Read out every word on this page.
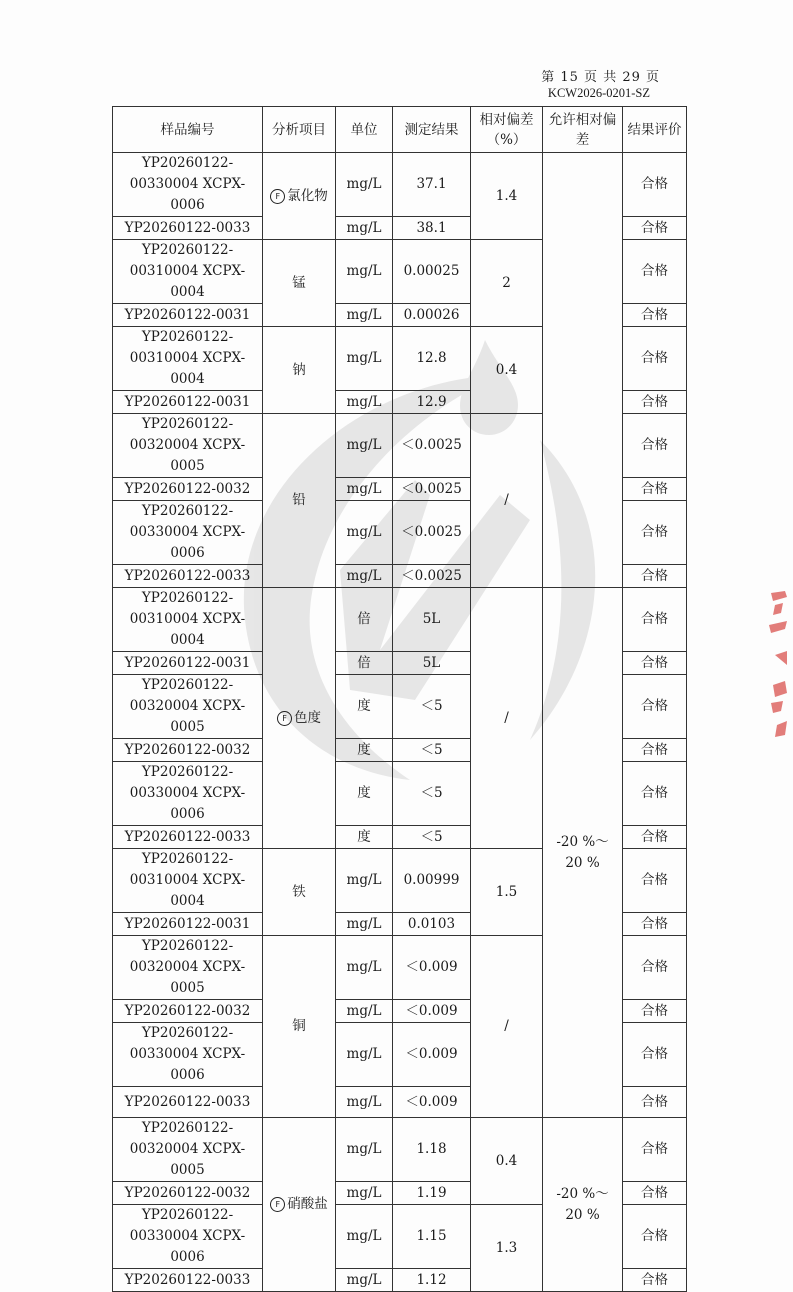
第 15 页 共 29 页
KCW2026-0201-SZ
样品编号	分析项目	单位	测定结果	相对偏差（%）	允许相对偏差	结果评价
YP20260122-00330004 XCPX-0006	F 氯化物	mg/L	37.1	1.4		合格
YP20260122-0033		mg/L	38.1			合格
YP20260122-00310004 XCPX-0004	锰	mg/L	0.00025	2		合格
YP20260122-0031		mg/L	0.00026			合格
YP20260122-00310004 XCPX-0004	钠	mg/L	12.8	0.4		合格
YP20260122-0031		mg/L	12.9			合格
YP20260122-00320004 XCPX-0005	铅	mg/L	＜0.0025	/		合格
YP20260122-0032		mg/L	＜0.0025			合格
YP20260122-00330004 XCPX-0006		mg/L	＜0.0025			合格
YP20260122-0033		mg/L	＜0.0025			合格
YP20260122-00310004 XCPX-0004	F 色度	倍	5L	/	-20 %～ 20 %	合格
YP20260122-0031		倍	5L			合格
YP20260122-00320004 XCPX-0005		度	＜5			合格
YP20260122-0032		度	＜5			合格
YP20260122-00330004 XCPX-0006		度	＜5			合格
YP20260122-0033		度	＜5			合格
YP20260122-00310004 XCPX-0004	铁	mg/L	0.00999	1.5		合格
YP20260122-0031		mg/L	0.0103			合格
YP20260122-00320004 XCPX-0005	铜	mg/L	＜0.009	/		合格
YP20260122-0032		mg/L	＜0.009			合格
YP20260122-00330004 XCPX-0006		mg/L	＜0.009			合格
YP20260122-0033		mg/L	＜0.009			合格
YP20260122-00320004 XCPX-0005	F 硝酸盐	mg/L	1.18	0.4	-20 %～ 20 %	合格
YP20260122-0032		mg/L	1.19			合格
YP20260122-00330004 XCPX-0006		mg/L	1.15	1.3		合格
YP20260122-0033		mg/L	1.12			合格
